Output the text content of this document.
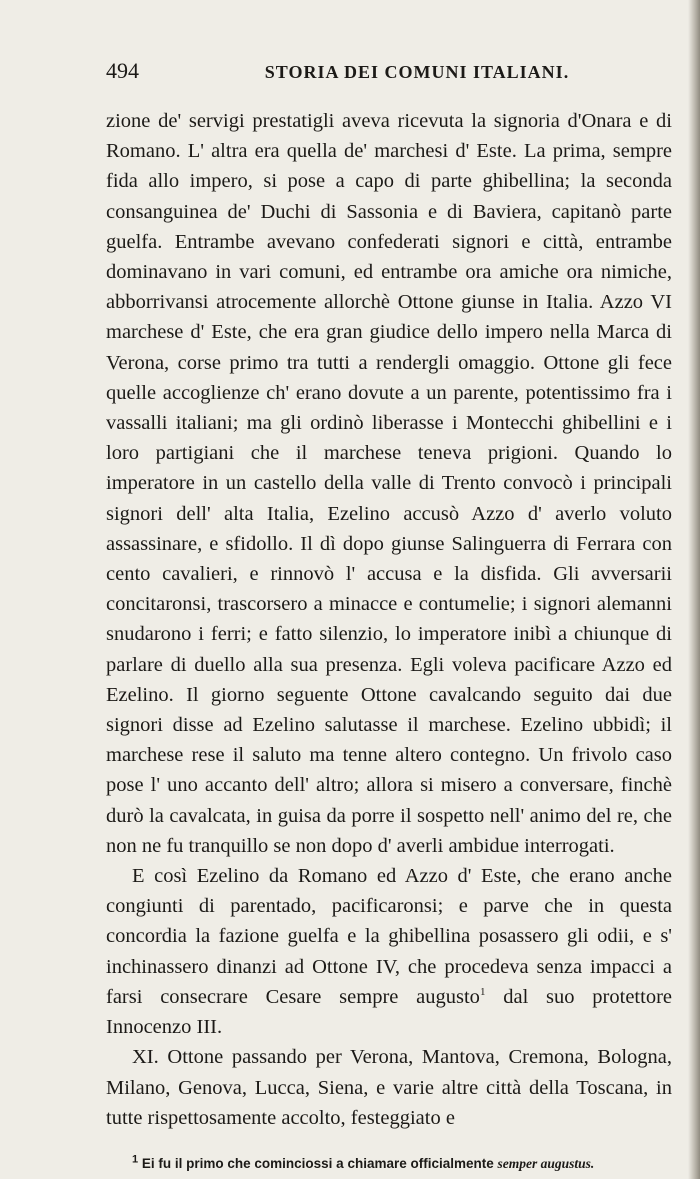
494	STORIA DEI COMUNI ITALIANI.

zione de' servigi prestatigli aveva ricevuta la signoria d'Onara e di Romano. L' altra era quella de' marchesi d' Este. La prima, sempre fida allo impero, si pose a capo di parte ghibellina; la seconda consanguinea de' Duchi di Sassonia e di Baviera, capitanò parte guelfa. Entrambe avevano confederati signori e città, entrambe dominavano in vari comuni, ed entrambe ora amiche ora nimiche, abborrivansi atrocemente allorchè Ottone giunse in Italia. Azzo VI marchese d' Este, che era gran giudice dello impero nella Marca di Verona, corse primo tra tutti a rendergli omaggio. Ottone gli fece quelle accoglienze ch' erano dovute a un parente, potentissimo fra i vassalli italiani; ma gli ordinò liberasse i Montecchi ghibellini e i loro partigiani che il marchese teneva prigioni. Quando lo imperatore in un castello della valle di Trento convocò i principali signori dell' alta Italia, Ezelino accusò Azzo d' averlo voluto assassinare, e sfidollo. Il dì dopo giunse Salinguerra di Ferrara con cento cavalieri, e rinnovò l' accusa e la disfida. Gli avversarii concitaronsi, trascorsero a minacce e contumelie; i signori alemanni snudarono i ferri; e fatto silenzio, lo imperatore inibì a chiunque di parlare di duello alla sua presenza. Egli voleva pacificare Azzo ed Ezelino. Il giorno seguente Ottone cavalcando seguito dai due signori disse ad Ezelino salutasse il marchese. Ezelino ubbidì; il marchese rese il saluto ma tenne altero contegno. Un frivolo caso pose l' uno accanto dell' altro; allora si misero a conversare, finchè durò la cavalcata, in guisa da porre il sospetto nell' animo del re, che non ne fu tranquillo se non dopo d' averli ambidue interrogati.

E così Ezelino da Romano ed Azzo d' Este, che erano anche congiunti di parentado, pacificaronsi; e parve che in questa concordia la fazione guelfa e la ghibellina posassero gli odii, e s' inchinassero dinanzi ad Ottone IV, che procedeva senza impacci a farsi consecrare Cesare sempre augusto$^1$ dal suo protettore Innocenzo III.

XI. Ottone passando per Verona, Mantova, Cremona, Bologna, Milano, Genova, Lucca, Siena, e varie altre città della Toscana, in tutte rispettosamente accolto, festeggiato e

$^1$ Ei fu il primo che cominciossi a chiamare officialmente semper augustus.
